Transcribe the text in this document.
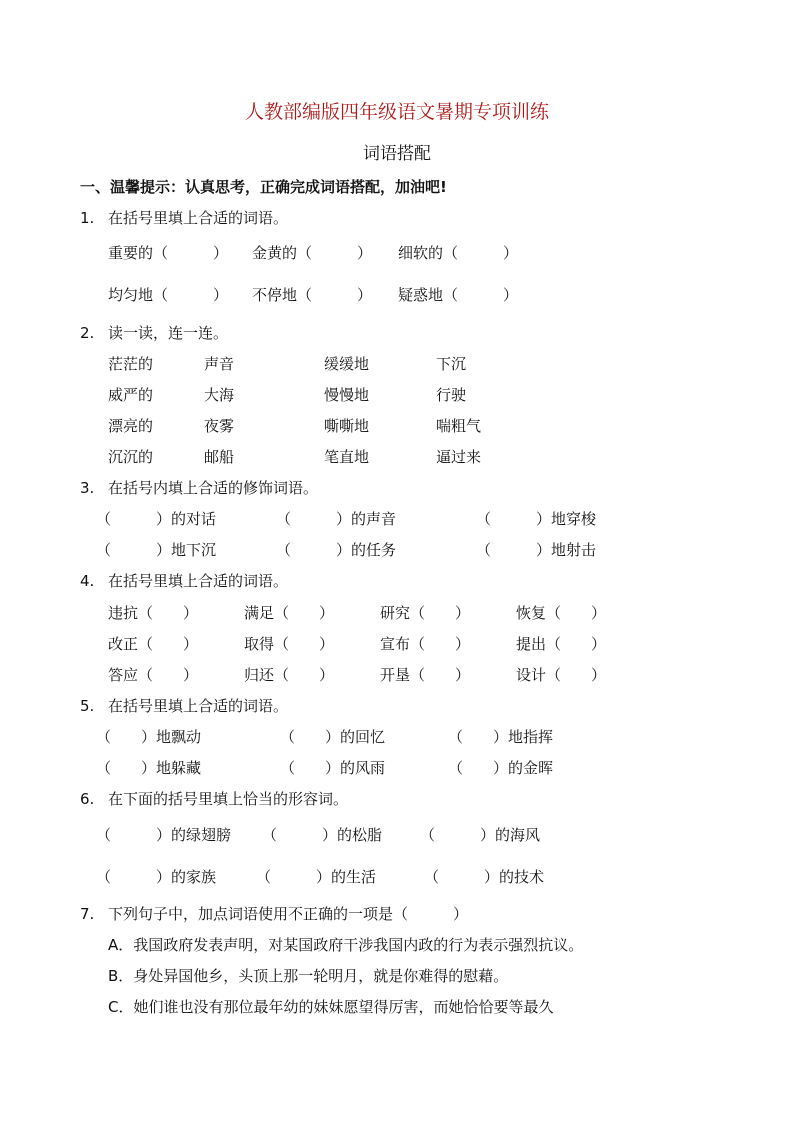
人教部编版四年级语文暑期专项训练
词语搭配
一、温馨提示：认真思考，正确完成词语搭配，加油吧!
1. 在括号里填上合适的词语。
重要的（　　　） 金黄的（　　　） 细软的（　　　）
均匀地（　　　） 不停地（　　　） 疑惑地（　　　）
2. 读一读，连一连。
茫茫的	声音	缓缓地	下沉
威严的	大海	慢慢地	行驶
漂亮的	夜雾	嘶嘶地	喘粗气
沉沉的	邮船	笔直地	逼过来
3. 在括号内填上合适的修饰词语。
（　　　）的对话	（　　　）的声音	（　　　）地穿梭
（　　　）地下沉	（　　　）的任务	（　　　）地射击
4. 在括号里填上合适的词语。
违抗（　　）	满足（　　）	研究（　　）	恢复（　　）
改正（　　）	取得（　　）	宣布（　　）	提出（　　）
答应（　　）	归还（　　）	开垦（　　）	设计（　　）
5. 在括号里填上合适的词语。
（　　）地飘动	（　　）的回忆	（　　）地指挥
（　　）地躲藏	（　　）的风雨	（　　）的金晖
6. 在下面的括号里填上恰当的形容词。
（　　　）的绿翅膀 （　　　）的松脂	（　　　）的海风
（　　　）的家族	（　　　）的生活	（　　　）的技术
7. 下列句子中，加点词语使用不正确的一项是（　　　）
A．我国政府发表声明，对某国政府干涉我国内政的行为表示强烈抗议。
B．身处异国他乡，头顶上那一轮明月，就是你难得的慰藉。
C．她们谁也没有那位最年幼的妹妹愿望得厉害，而她恰恰要等最久
